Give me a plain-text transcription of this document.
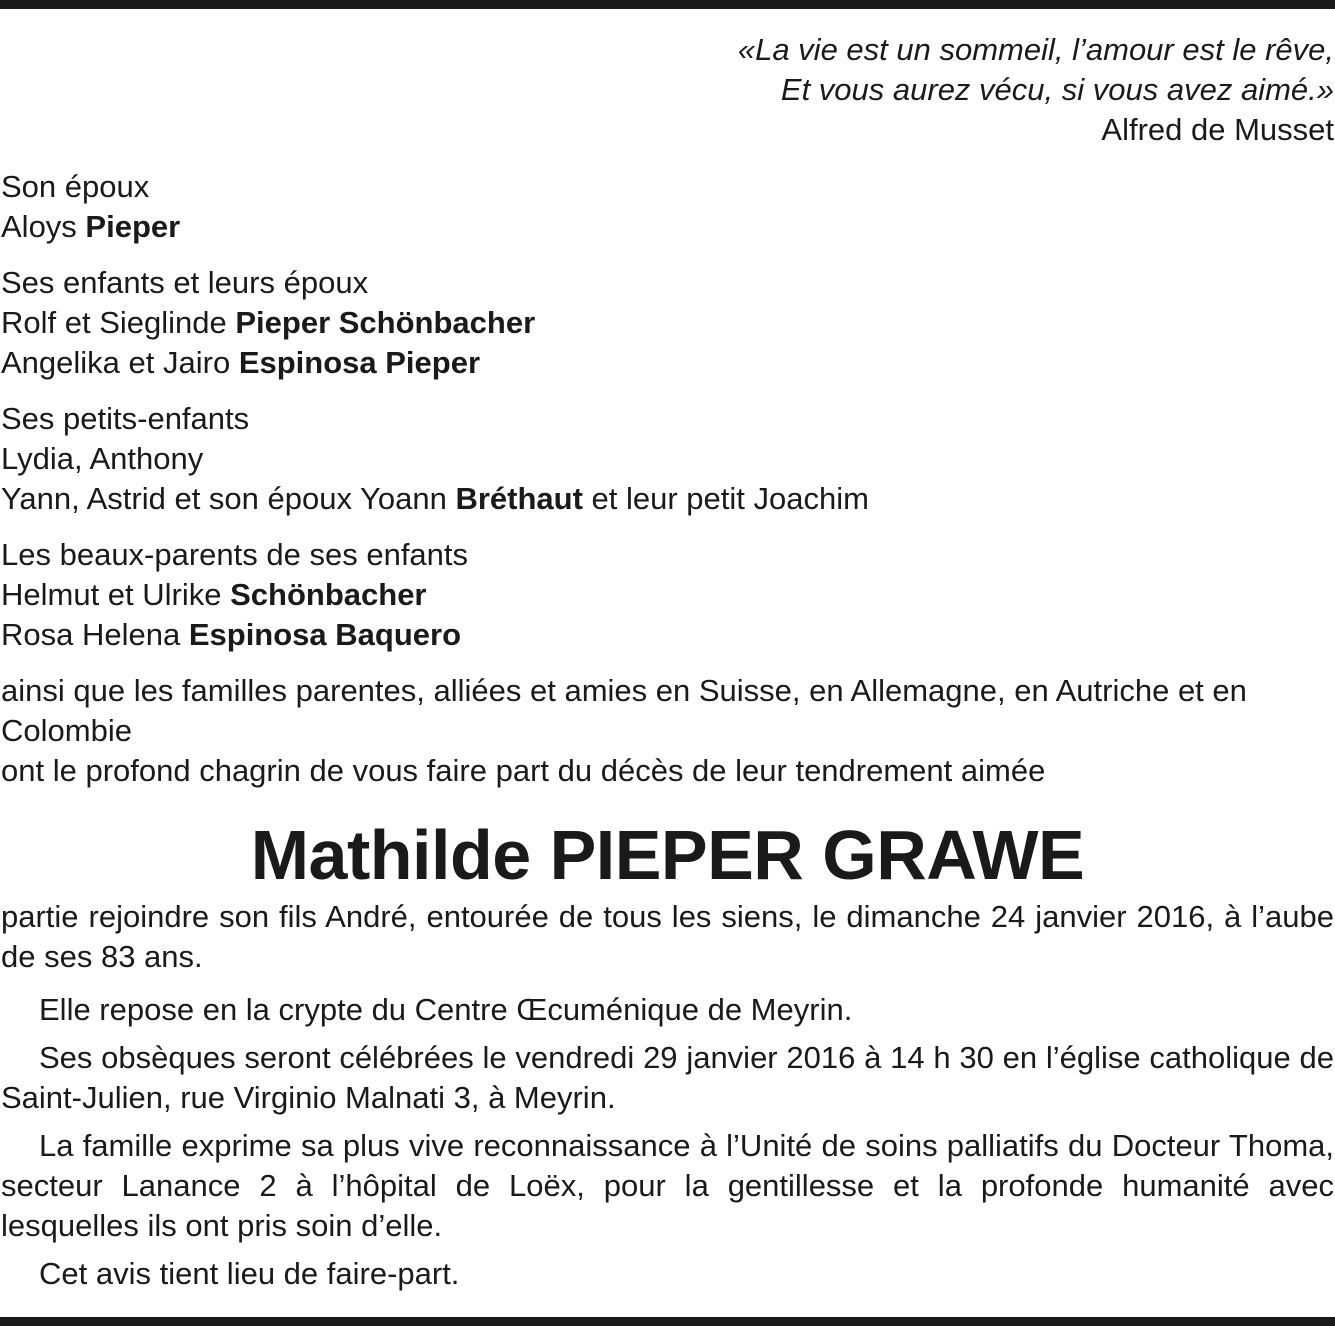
«La vie est un sommeil, l’amour est le rêve,
Et vous aurez vécu, si vous avez aimé.»
Alfred de Musset
Son époux
Aloys Pieper
Ses enfants et leurs époux
Rolf et Sieglinde Pieper Schönbacher
Angelika et Jairo Espinosa Pieper
Ses petits-enfants
Lydia, Anthony
Yann, Astrid et son époux Yoann Bréthaut et leur petit Joachim
Les beaux-parents de ses enfants
Helmut et Ulrike Schönbacher
Rosa Helena Espinosa Baquero
ainsi que les familles parentes, alliées et amies en Suisse, en Allemagne, en Autriche et en Colombie
ont le profond chagrin de vous faire part du décès de leur tendrement aimée
Mathilde PIEPER GRAWE
partie rejoindre son fils André, entourée de tous les siens, le dimanche 24 janvier 2016, à l’aube de ses 83 ans.
Elle repose en la crypte du Centre Œcuménique de Meyrin.
Ses obsèques seront célébrées le vendredi 29 janvier 2016 à 14 h 30 en l’église catholique de Saint-Julien, rue Virginio Malnati 3, à Meyrin.
La famille exprime sa plus vive reconnaissance à l’Unité de soins palliatifs du Docteur Thoma, secteur Lanance 2 à l’hôpital de Loëx, pour la gentillesse et la profonde humanité avec lesquelles ils ont pris soin d’elle.
Cet avis tient lieu de faire-part.
